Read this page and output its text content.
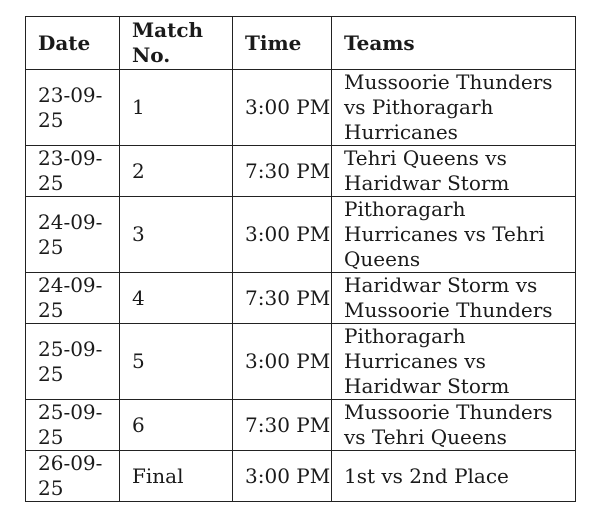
Date	Match No.	Time	Teams
23-09-25	1	3:00 PM	Mussoorie Thunders vs Pithoragarh Hurricanes
23-09-25	2	7:30 PM	Tehri Queens vs Haridwar Storm
24-09-25	3	3:00 PM	Pithoragarh Hurricanes vs Tehri Queens
24-09-25	4	7:30 PM	Haridwar Storm vs Mussoorie Thunders
25-09-25	5	3:00 PM	Pithoragarh Hurricanes vs Haridwar Storm
25-09-25	6	7:30 PM	Mussoorie Thunders vs Tehri Queens
26-09-25	Final	3:00 PM	1st vs 2nd Place
